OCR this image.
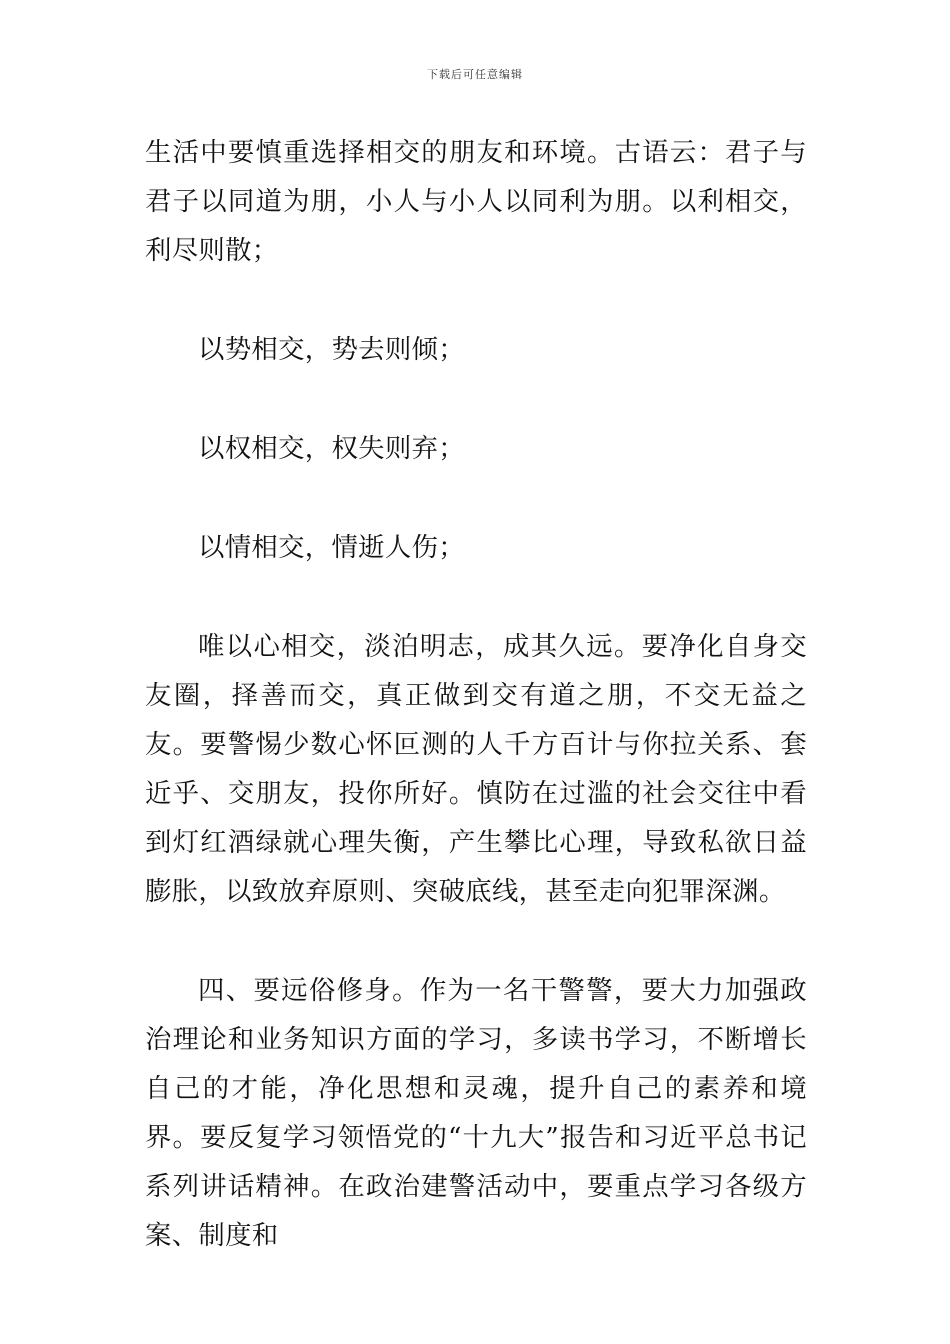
下载后可任意编辑

生活中要慎重选择相交的朋友和环境。古语云：君子与君子以同道为朋，小人与小人以同利为朋。以利相交，利尽则散；

以势相交，势去则倾；

以权相交，权失则弃；

以情相交，情逝人伤；

唯以心相交，淡泊明志，成其久远。要净化自身交友圈，择善而交，真正做到交有道之朋，不交无益之友。要警惕少数心怀叵测的人千方百计与你拉关系、套近乎、交朋友，投你所好。慎防在过滥的社会交往中看到灯红酒绿就心理失衡，产生攀比心理，导致私欲日益膨胀，以致放弃原则、突破底线，甚至走向犯罪深渊。

四、要远俗修身。作为一名干警警，要大力加强政治理论和业务知识方面的学习，多读书学习，不断增长自己的才能，净化思想和灵魂，提升自己的素养和境界。要反复学习领悟党的“十九大”报告和习近平总书记系列讲话精神。在政治建警活动中，要重点学习各级方案、制度和
